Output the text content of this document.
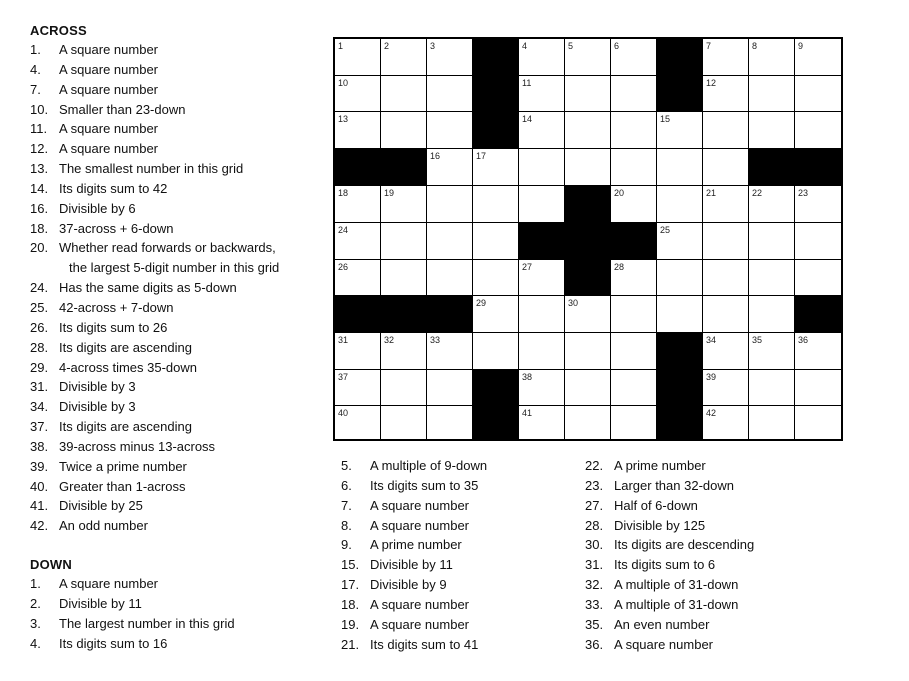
ACROSS
1. A square number
4. A square number
7. A square number
10. Smaller than 23-down
11. A square number
12. A square number
13. The smallest number in this grid
14. Its digits sum to 42
16. Divisible by 6
18. 37-across + 6-down
20. Whether read forwards or backwards,
the largest 5-digit number in this grid
24. Has the same digits as 5-down
25. 42-across + 7-down
26. Its digits sum to 26
28. Its digits are ascending
29. 4-across times 35-down
31. Divisible by 3
34. Divisible by 3
37. Its digits are ascending
38. 39-across minus 13-across
39. Twice a prime number
40. Greater than 1-across
41. Divisible by 25
42. An odd number
DOWN
1. A square number
2. Divisible by 11
3. The largest number in this grid
4. Its digits sum to 16
5. A multiple of 9-down
6. Its digits sum to 35
7. A square number
8. A square number
9. A prime number
15. Divisible by 11
17. Divisible by 9
18. A square number
19. A square number
21. Its digits sum to 41
22. A prime number
23. Larger than 32-down
27. Half of 6-down
28. Divisible by 125
30. Its digits are descending
31. Its digits sum to 6
32. A multiple of 31-down
33. A multiple of 31-down
35. An even number
36. A square number
1	2	3	4	5	6	7	8	9
10	11	12
13	14	15
16	17
18	19	20	21	22	23
24	25
26	27	28
29	30
31	32	33	34	35	36
37	38	39
40	41	42
